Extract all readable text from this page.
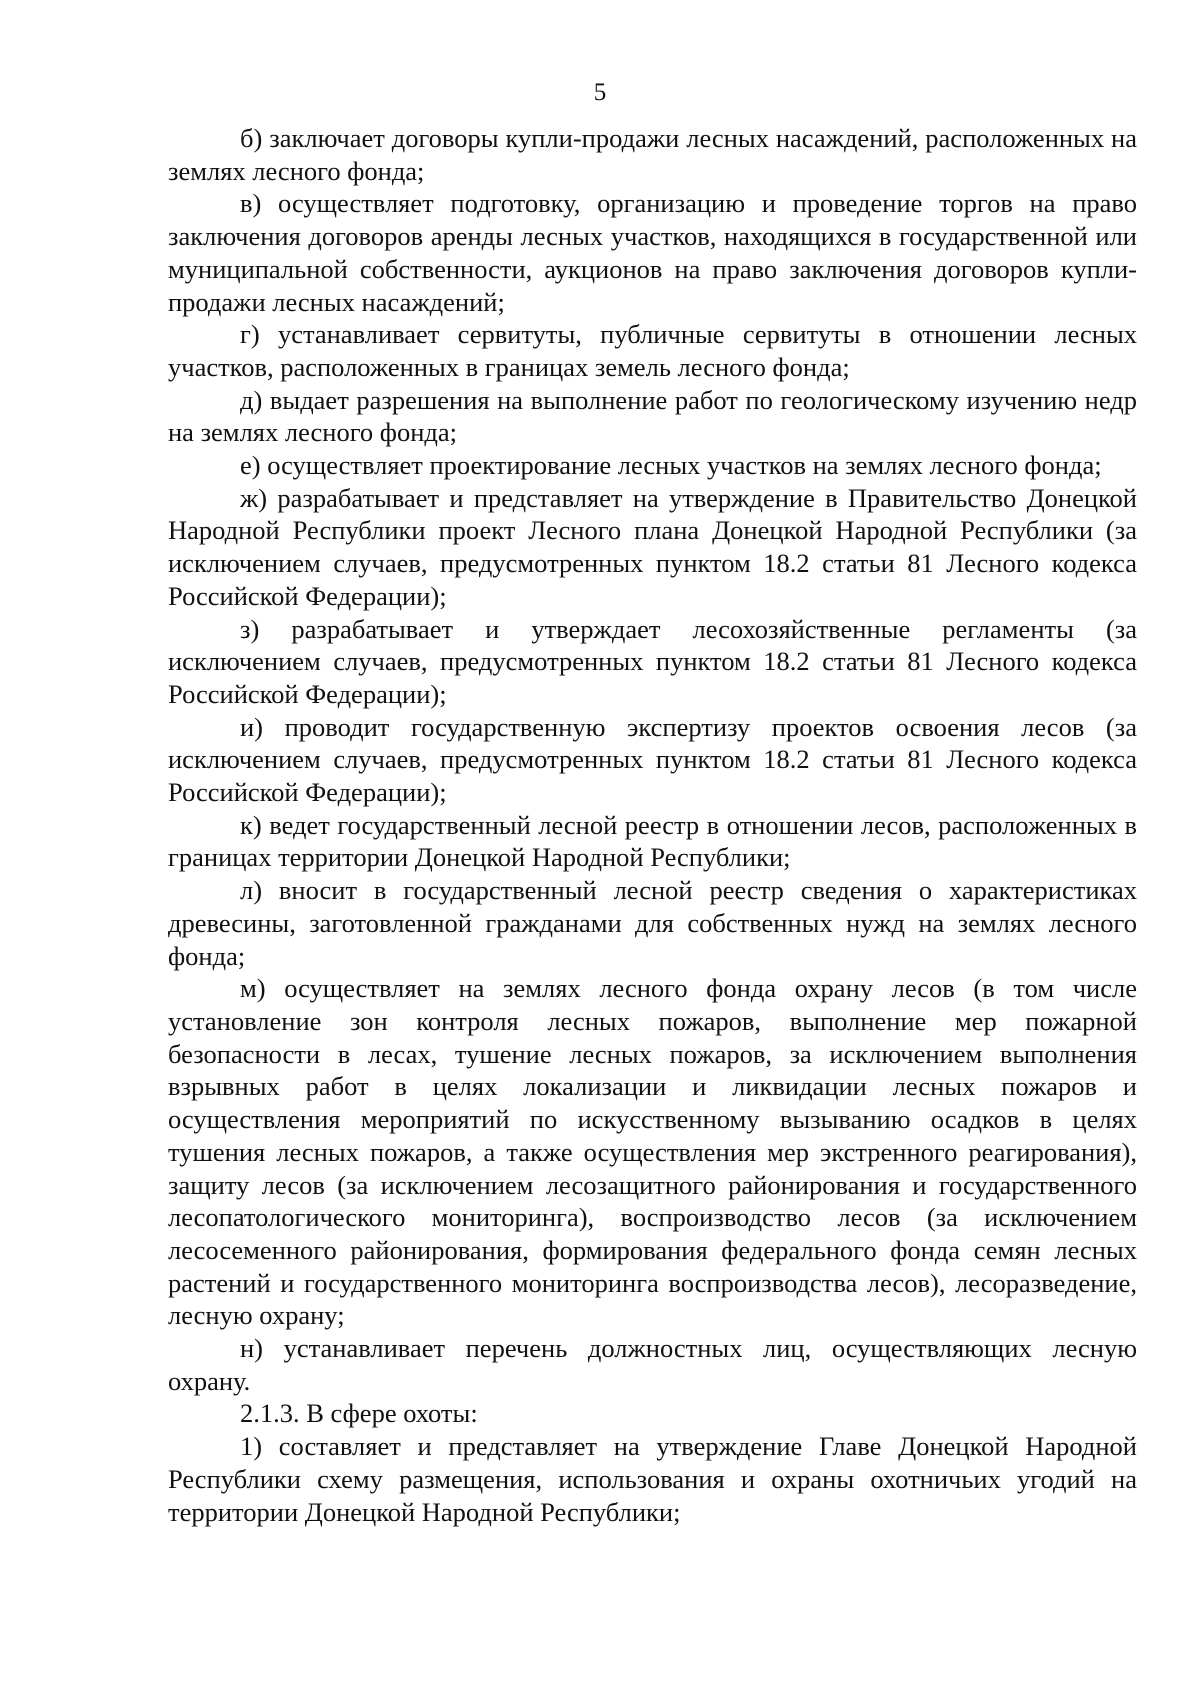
5

б) заключает договоры купли-продажи лесных насаждений, расположенных на землях лесного фонда;

в) осуществляет подготовку, организацию и проведение торгов на право заключения договоров аренды лесных участков, находящихся в государственной или муниципальной собственности, аукционов на право заключения договоров купли-продажи лесных насаждений;

г) устанавливает сервитуты, публичные сервитуты в отношении лесных участков, расположенных в границах земель лесного фонда;

д) выдает разрешения на выполнение работ по геологическому изучению недр на землях лесного фонда;

е) осуществляет проектирование лесных участков на землях лесного фонда;

ж) разрабатывает и представляет на утверждение в Правительство Донецкой Народной Республики проект Лесного плана Донецкой Народной Республики (за исключением случаев, предусмотренных пунктом 18.2 статьи 81 Лесного кодекса Российской Федерации);

з) разрабатывает и утверждает лесохозяйственные регламенты (за исключением случаев, предусмотренных пунктом 18.2 статьи 81 Лесного кодекса Российской Федерации);

и) проводит государственную экспертизу проектов освоения лесов (за исключением случаев, предусмотренных пунктом 18.2 статьи 81 Лесного кодекса Российской Федерации);

к) ведет государственный лесной реестр в отношении лесов, расположенных в границах территории Донецкой Народной Республики;

л) вносит в государственный лесной реестр сведения о характеристиках древесины, заготовленной гражданами для собственных нужд на землях лесного фонда;

м) осуществляет на землях лесного фонда охрану лесов (в том числе установление зон контроля лесных пожаров, выполнение мер пожарной безопасности в лесах, тушение лесных пожаров, за исключением выполнения взрывных работ в целях локализации и ликвидации лесных пожаров и осуществления мероприятий по искусственному вызыванию осадков в целях тушения лесных пожаров, а также осуществления мер экстренного реагирования), защиту лесов (за исключением лесозащитного районирования и государственного лесопатологического мониторинга), воспроизводство лесов (за исключением лесосеменного районирования, формирования федерального фонда семян лесных растений и государственного мониторинга воспроизводства лесов), лесоразведение, лесную охрану;

н) устанавливает перечень должностных лиц, осуществляющих лесную охрану.

2.1.3. В сфере охоты:

1) составляет и представляет на утверждение Главе Донецкой Народной Республики схему размещения, использования и охраны охотничьих угодий на территории Донецкой Народной Республики;
